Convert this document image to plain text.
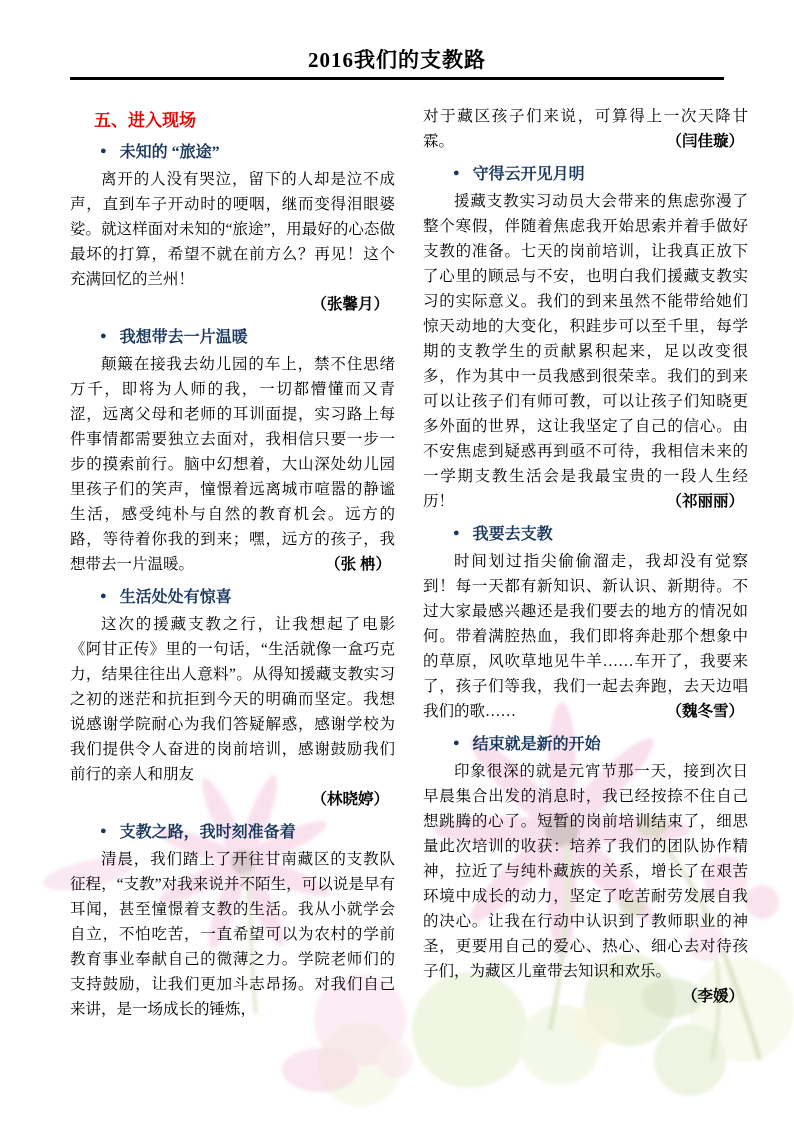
2016我们的支教路
五、进入现场
● 未知的 “旅途”

离开的人没有哭泣，留下的人却是泣不成声，直到车子开动时的哽咽，继而变得泪眼婆娑。就这样面对未知的“旅途”，用最好的心态做最坏的打算，希望不就在前方么？再见！这个充满回忆的兰州！

（张馨月）
● 我想带去一片温暖

颠簸在接我去幼儿园的车上，禁不住思绪万千，即将为人师的我，一切都懵懂而又青涩，远离父母和老师的耳训面提，实习路上每件事情都需要独立去面对，我相信只要一步一步的摸索前行。脑中幻想着，大山深处幼儿园里孩子们的笑声，憧憬着远离城市喧嚣的静谧生活，感受纯朴与自然的教育机会。远方的路，等待着你我的到来；嘿，远方的孩子，我想带去一片温暖。	（张 柟）

● 生活处处有惊喜

这次的援藏支教之行，让我想起了电影《阿甘正传》里的一句话，“生活就像一盒巧克力，结果往往出人意料”。从得知援藏支教实习之初的迷茫和抗拒到今天的明确而坚定。我想说感谢学院耐心为我们答疑解惑，感谢学校为我们提供令人奋进的岗前培训，感谢鼓励我们前行的亲人和朋友

（林晓婷）
● 支教之路，我时刻准备着

清晨，我们踏上了开往甘南藏区的支教队征程，“支教”对我来说并不陌生，可以说是早有耳闻，甚至憧憬着支教的生活。我从小就学会自立，不怕吃苦，一直希望可以为农村的学前教育事业奉献自己的微薄之力。学院老师们的支持鼓励，让我们更加斗志昂扬。对我们自己来讲，是一场成长的锤炼，

对于藏区孩子们来说，可算得上一次天降甘霖。	（闫佳璇）

● 守得云开见月明

援藏支教实习动员大会带来的焦虑弥漫了整个寒假，伴随着焦虑我开始思索并着手做好支教的准备。七天的岗前培训，让我真正放下了心里的顾忌与不安，也明白我们援藏支教实习的实际意义。我们的到来虽然不能带给她们惊天动地的大变化，积跬步可以至千里，每学期的支教学生的贡献累积起来，足以改变很多，作为其中一员我感到很荣幸。我们的到来可以让孩子们有师可教，可以让孩子们知晓更多外面的世界，这让我坚定了自己的信心。由不安焦虑到疑惑再到亟不可待，我相信未来的一学期支教生活会是我最宝贵的一段人生经历！	（祁丽丽）

● 我要去支教

时间划过指尖偷偷溜走，我却没有觉察到！每一天都有新知识、新认识、新期待。不过大家最感兴趣还是我们要去的地方的情况如何。带着满腔热血，我们即将奔赴那个想象中的草原，风吹草地见牛羊……车开了，我要来了，孩子们等我，我们一起去奔跑，去天边唱我们的歌……	（魏冬雪）

● 结束就是新的开始

印象很深的就是元宵节那一天，接到次日早晨集合出发的消息时，我已经按捺不住自己想跳腾的心了。短暂的岗前培训结束了，细思量此次培训的收获：培养了我们的团队协作精神，拉近了与纯朴藏族的关系，增长了在艰苦环境中成长的动力，坚定了吃苦耐劳发展自我的决心。让我在行动中认识到了教师职业的神圣，更要用自己的爱心、热心、细心去对待孩子们，为藏区儿童带去知识和欢乐。
（李媛）
